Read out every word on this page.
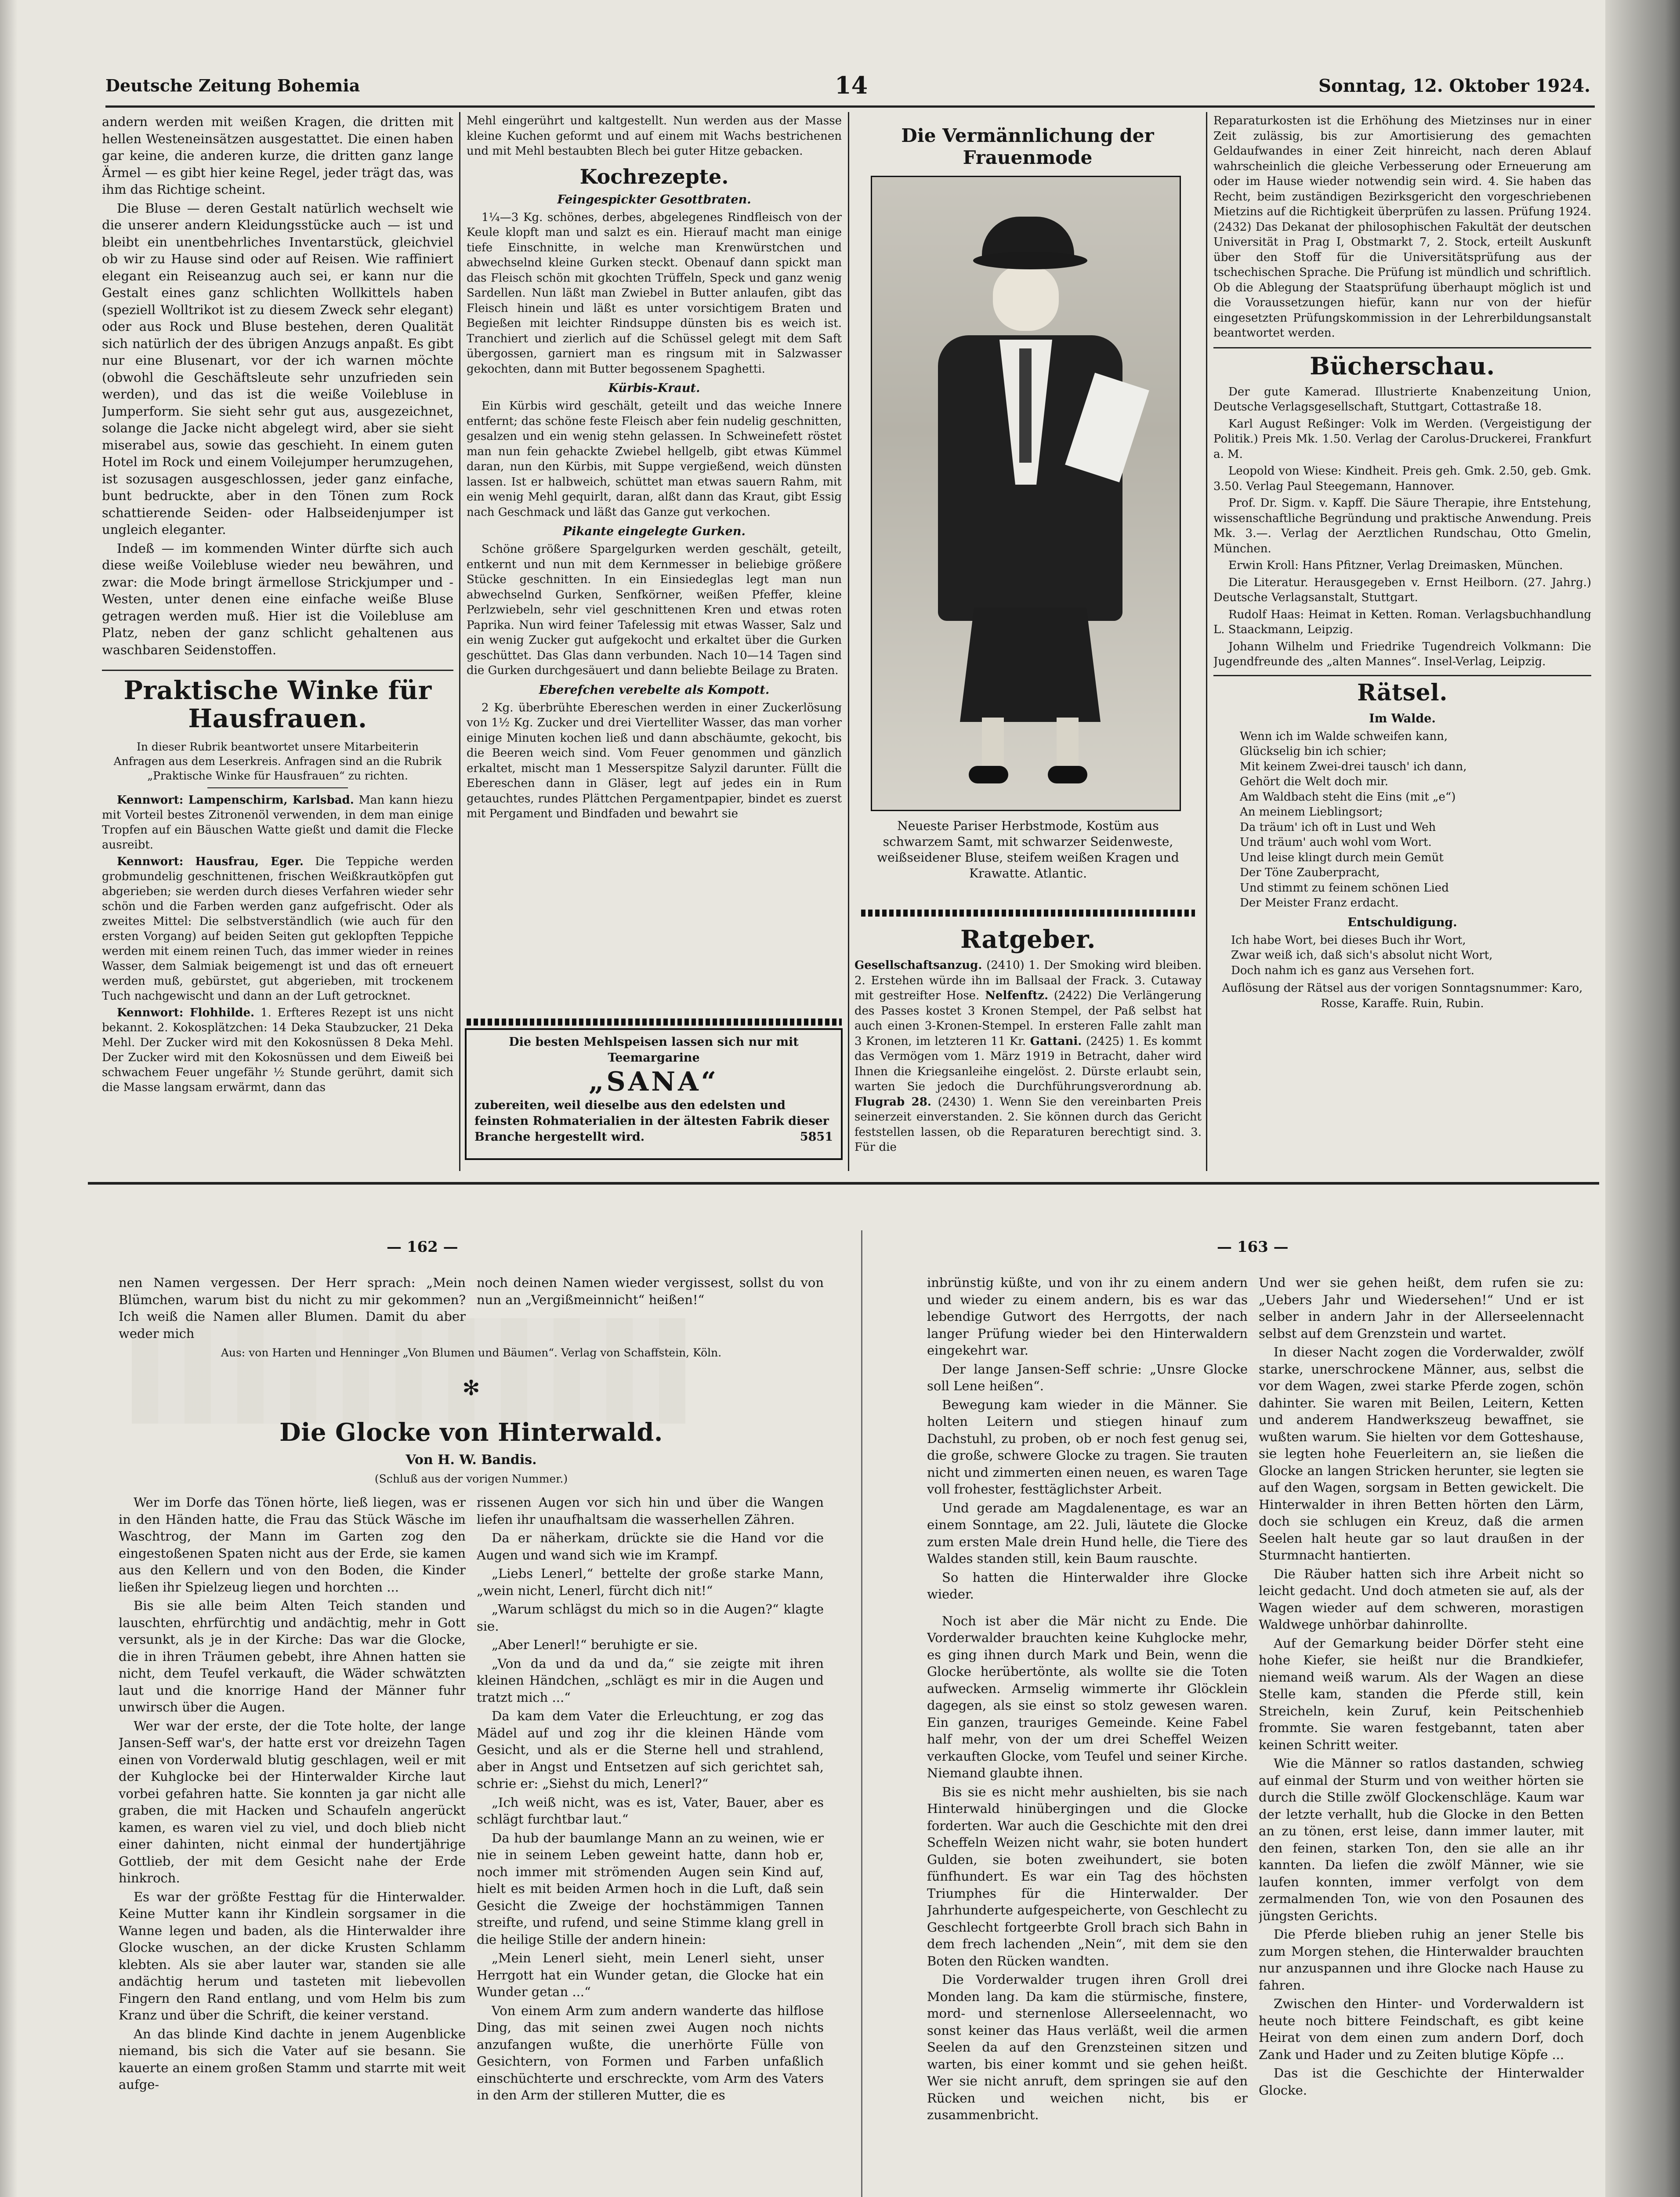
Deutsche Zeitung Bohemia	14	Sonntag, 12. Oktober 1924.

andern werden mit weißen Kragen, die dritten mit hellen Westeneinsätzen ausgestattet. Die einen haben gar keine, die anderen kurze, die dritten ganz lange Ärmel — es gibt hier keine Regel, jeder trägt das, was ihm das Richtige scheint.

Die Bluse — deren Gestalt natürlich wechselt wie die unserer andern Kleidungsstücke auch — ist und bleibt ein unentbehrliches Inventarstück, gleichviel ob wir zu Hause sind oder auf Reisen. Wie raffiniert elegant ein Reiseanzug auch sei, er kann nur die Gestalt eines ganz schlichten Wollkittels haben (speziell Wolltrikot ist zu diesem Zweck sehr elegant) oder aus Rock und Bluse bestehen, deren Qualität sich natürlich der des übrigen Anzugs anpaßt. Es gibt nur eine Blusenart, vor der ich warnen möchte (obwohl die Geschäftsleute sehr unzufrieden sein werden), und das ist die weiße Voilebluse in Jumperform. Sie sieht sehr gut aus, ausgezeichnet, solange die Jacke nicht abgelegt wird, aber sie sieht miserabel aus, sowie das geschieht. In einem guten Hotel im Rock und einem Voilejumper herumzugehen, ist sozusagen ausgeschlossen, jeder ganz einfache, bunt bedruckte, aber in den Tönen zum Rock schattierende Seiden- oder Halbseidenjumper ist ungleich eleganter.

Indeß — im kommenden Winter dürfte sich auch diese weiße Voilebluse wieder neu bewähren, und zwar: die Mode bringt ärmellose Strickjumper und -Westen, unter denen eine einfache weiße Bluse getragen werden muß. Hier ist die Voilebluse am Platz, neben der ganz schlicht gehaltenen aus waschbaren Seidenstoffen.

Praktische Winke für Hausfrauen.

In dieser Rubrik beantwortet unsere Mitarbeiterin Anfragen aus dem Leserkreis. Anfragen sind an die Rubrik „Praktische Winke für Hausfrauen“ zu richten.

Kennwort: Lampenschirm, Karlsbad. Man kann hiezu mit Vorteil bestes Zitronenöl verwenden, in dem man einige Tropfen auf ein Bäuschen Watte gießt und damit die Flecke ausreibt.

Kennwort: Hausfrau, Eger. Die Teppiche werden grobmundelig geschnittenen, frischen Weißkrautköpfen gut abgerieben; sie werden durch dieses Verfahren wieder sehr schön und die Farben werden ganz aufgefrischt. Oder als zweites Mittel: Die selbstverständlich (wie auch für den ersten Vorgang) auf beiden Seiten gut geklopften Teppiche werden mit einem reinen Tuch, das immer wieder in reines Wasser, dem Salmiak beigemengt ist und das oft erneuert werden muß, gebürstet, gut abgerieben, mit trockenem Tuch nachgewischt und dann an der Luft getrocknet.

Kennwort: Flohhilde. 1. Erfteres Rezept ist uns nicht bekannt. 2. Kokosplätzchen: 14 Deka Staubzucker, 21 Deka Mehl. Der Zucker wird mit den Kokosnüssen 8 Deka Mehl. Der Zucker wird mit den Kokosnüssen und dem Eiweiß bei schwachem Feuer ungefähr ½ Stunde gerührt, damit sich die Masse langsam erwärmt, dann das

Mehl eingerührt und kaltgestellt. Nun werden aus der Masse kleine Kuchen geformt und auf einem mit Wachs bestrichenen und mit Mehl bestaubten Blech bei guter Hitze gebacken.

Kochrezepte.
Feingespickter Gesottbraten.

1¼—3 Kg. schönes, derbes, abgelegenes Rindfleisch von der Keule klopft man und salzt es ein. Hierauf macht man einige tiefe Einschnitte, in welche man Krenwürstchen und abwechselnd kleine Gurken steckt. Obenauf dann spickt man das Fleisch schön mit gkochten Trüffeln, Speck und ganz wenig Sardellen. Nun läßt man Zwiebel in Butter anlaufen, gibt das Fleisch hinein und läßt es unter vorsichtigem Braten und Begießen mit leichter Rindsuppe dünsten bis es weich ist. Tranchiert und zierlich auf die Schüssel gelegt mit dem Saft übergossen, garniert man es ringsum mit in Salzwasser gekochten, dann mit Butter begossenem Spaghetti.

Kürbis-Kraut.

Ein Kürbis wird geschält, geteilt und das weiche Innere entfernt; das schöne feste Fleisch aber fein nudelig geschnitten, gesalzen und ein wenig stehn gelassen. In Schweinefett röstet man nun fein gehackte Zwiebel hellgelb, gibt etwas Kümmel daran, nun den Kürbis, mit Suppe vergießend, weich dünsten lassen. Ist er halbweich, schüttet man etwas sauern Rahm, mit ein wenig Mehl gequirlt, daran, alßt dann das Kraut, gibt Essig nach Geschmack und läßt das Ganze gut verkochen.

Pikante eingelegte Gurken.

Schöne größere Spargelgurken werden geschält, geteilt, entkernt und nun mit dem Kernmesser in beliebige größere Stücke geschnitten. In ein Einsiedeglas legt man nun abwechselnd Gurken, Senfkörner, weißen Pfeffer, kleine Perlzwiebeln, sehr viel geschnittenen Kren und etwas roten Paprika. Nun wird feiner Tafelessig mit etwas Wasser, Salz und ein wenig Zucker gut aufgekocht und erkaltet über die Gurken geschüttet. Das Glas dann verbunden. Nach 10—14 Tagen sind die Gurken durchgesäuert und dann beliebte Beilage zu Braten.

Eberefchen verebelte als Kompott.

2 Kg. überbrühte Ebereschen werden in einer Zuckerlösung von 1½ Kg. Zucker und drei Viertelliter Wasser, das man vorher einige Minuten kochen ließ und dann abschäumte, gekocht, bis die Beeren weich sind. Vom Feuer genommen und gänzlich erkaltet, mischt man 1 Messerspitze Salyzil darunter. Füllt die Ebereschen dann in Gläser, legt auf jedes ein in Rum getauchtes, rundes Plättchen Pergamentpapier, bindet es zuerst mit Pergament und Bindfaden und bewahrt sie

Die besten Mehlspeisen lassen sich nur mit Teemargarine
„SANA“
zubereiten, weil dieselbe aus den edelsten und feinsten Rohmaterialien in der ältesten Fabrik dieser Branche hergestellt wird.	5851
Die Vermännlichung der Frauenmode
Neueste Pariser Herbstmode, Kostüm aus schwarzem Samt, mit schwarzer Seidenweste, weißseidener Bluse, steifem weißen Kragen und Krawatte. Atlantic.
Ratgeber.

Gesellschaftsanzug. (2410) 1. Der Smoking wird bleiben. 2. Erstehen würde ihn im Ballsaal der Frack. 3. Cutaway mit gestreifter Hose. Nelfenftz. (2422) Die Verlängerung des Passes kostet 3 Kronen Stempel, der Paß selbst hat auch einen 3-Kronen-Stempel. In ersteren Falle zahlt man 3 Kronen, im letzteren 11 Kr. Gattani. (2425) 1. Es kommt das Vermögen vom 1. März 1919 in Betracht, daher wird Ihnen die Kriegsanleihe eingelöst. 2. Dürste erlaubt sein, warten Sie jedoch die Durchführungsverordnung ab. Flugrab 28. (2430) 1. Wenn Sie den vereinbarten Preis seinerzeit einverstanden. 2. Sie können durch das Gericht feststellen lassen, ob die Reparaturen berechtigt sind. 3. Für die

Reparaturkosten ist die Erhöhung des Mietzinses nur in einer Zeit zulässig, bis zur Amortisierung des gemachten Geldaufwandes in einer Zeit hinreicht, nach deren Ablauf wahrscheinlich die gleiche Verbesserung oder Erneuerung am oder im Hause wieder notwendig sein wird. 4. Sie haben das Recht, beim zuständigen Bezirksgericht den vorgeschriebenen Mietzins auf die Richtigkeit überprüfen zu lassen. Prüfung 1924. (2432) Das Dekanat der philosophischen Fakultät der deutschen Universität in Prag I, Obstmarkt 7, 2. Stock, erteilt Auskunft über den Stoff für die Universitätsprüfung aus der tschechischen Sprache. Die Prüfung ist mündlich und schriftlich. Ob die Ablegung der Staatsprüfung überhaupt möglich ist und die Voraussetzungen hiefür, kann nur von der hiefür eingesetzten Prüfungskommission in der Lehrerbildungsanstalt beantwortet werden.

Bücherschau.

Der gute Kamerad. Illustrierte Knabenzeitung Union, Deutsche Verlagsgesellschaft, Stuttgart, Cottastraße 18.

Karl August Reßinger: Volk im Werden. (Vergeistigung der Politik.) Preis Mk. 1.50. Verlag der Carolus-Druckerei, Frankfurt a. M.

Leopold von Wiese: Kindheit. Preis geh. Gmk. 2.50, geb. Gmk. 3.50. Verlag Paul Steegemann, Hannover.

Prof. Dr. Sigm. v. Kapff. Die Säure Therapie, ihre Entstehung, wissenschaftliche Begründung und praktische Anwendung. Preis Mk. 3.—. Verlag der Aerztlichen Rundschau, Otto Gmelin, München.

Erwin Kroll: Hans Pfitzner, Verlag Dreimasken, München.

Die Literatur. Herausgegeben v. Ernst Heilborn. (27. Jahrg.) Deutsche Verlagsanstalt, Stuttgart.

Rudolf Haas: Heimat in Ketten. Roman. Verlagsbuchhandlung L. Staackmann, Leipzig.

Johann Wilhelm und Friedrike Tugendreich Volkmann: Die Jugendfreunde des „alten Mannes“. Insel-Verlag, Leipzig.

Rätsel.
Im Walde.
Wenn ich im Walde schweifen kann,
Glückselig bin ich schier;
Mit keinem Zwei-drei tausch' ich dann,
Gehört die Welt doch mir.
Am Waldbach steht die Eins (mit „e“)
An meinem Lieblingsort;
Da träum' ich oft in Lust und Weh
Und träum' auch wohl vom Wort.
Und leise klingt durch mein Gemüt
Der Töne Zauberpracht,
Und stimmt zu feinem schönen Lied
Der Meister Franz erdacht.
Entschuldigung.
Ich habe Wort, bei dieses Buch ihr Wort,
Zwar weiß ich, daß sich's absolut nicht Wort,
Doch nahm ich es ganz aus Versehen fort.

Auflösung der Rätsel aus der vorigen Sonntagsnummer: Karo, Rosse, Karaffe. Ruin, Rubin.

— 162 —	— 163 —

nen Namen vergessen. Der Herr sprach: „Mein Blümchen, warum bist du nicht zu mir gekommen? Ich weiß die Namen aller Blumen. Damit du aber weder mich

noch deinen Namen wieder vergissest, sollst du von nun an „Vergißmeinnicht“ heißen!“

Aus: von Harten und Henninger „Von Blumen und Bäumen“. Verlag von Schaffstein, Köln.
✻
Die Glocke von Hinterwald.
Von H. W. Bandis.
(Schluß aus der vorigen Nummer.)

Wer im Dorfe das Tönen hörte, ließ liegen, was er in den Händen hatte, die Frau das Stück Wäsche im Waschtrog, der Mann im Garten zog den eingestoßenen Spaten nicht aus der Erde, sie kamen aus den Kellern und von den Boden, die Kinder ließen ihr Spielzeug liegen und horchten ...

Bis sie alle beim Alten Teich standen und lauschten, ehrfürchtig und andächtig, mehr in Gott versunkt, als je in der Kirche: Das war die Glocke, die in ihren Träumen gebebt, ihre Ahnen hatten sie nicht, dem Teufel verkauft, die Wäder schwätzten laut und die knorrige Hand der Männer fuhr unwirsch über die Augen.

Wer war der erste, der die Tote holte, der lange Jansen-Seff war's, der hatte erst vor dreizehn Tagen einen von Vorderwald blutig geschlagen, weil er mit der Kuhglocke bei der Hinterwalder Kirche laut vorbei gefahren hatte. Sie konnten ja gar nicht alle graben, die mit Hacken und Schaufeln angerückt kamen, es waren viel zu viel, und doch blieb nicht einer dahinten, nicht einmal der hundertjährige Gottlieb, der mit dem Gesicht nahe der Erde hinkroch.

Es war der größte Festtag für die Hinterwalder. Keine Mutter kann ihr Kindlein sorgsamer in die Wanne legen und baden, als die Hinterwalder ihre Glocke wuschen, an der dicke Krusten Schlamm klebten. Als sie aber lauter war, standen sie alle andächtig herum und tasteten mit liebevollen Fingern den Rand entlang, und vom Helm bis zum Kranz und über die Schrift, die keiner verstand.

An das blinde Kind dachte in jenem Augenblicke niemand, bis sich die Vater auf sie besann. Sie kauerte an einem großen Stamm und starrte mit weit aufge-

rissenen Augen vor sich hin und über die Wangen liefen ihr unaufhaltsam die wasserhellen Zähren.

Da er näherkam, drückte sie die Hand vor die Augen und wand sich wie im Krampf.

„Liebs Lenerl,“ bettelte der große starke Mann, „wein nicht, Lenerl, fürcht dich nit!“

„Warum schlägst du mich so in die Augen?“ klagte sie.

„Aber Lenerl!“ beruhigte er sie.

„Von da und da und da,“ sie zeigte mit ihren kleinen Händchen, „schlägt es mir in die Augen und tratzt mich ...“

Da kam dem Vater die Erleuchtung, er zog das Mädel auf und zog ihr die kleinen Hände vom Gesicht, und als er die Sterne hell und strahlend, aber in Angst und Entsetzen auf sich gerichtet sah, schrie er: „Siehst du mich, Lenerl?“

„Ich weiß nicht, was es ist, Vater, Bauer, aber es schlägt furchtbar laut.“

Da hub der baumlange Mann an zu weinen, wie er nie in seinem Leben geweint hatte, dann hob er, noch immer mit strömenden Augen sein Kind auf, hielt es mit beiden Armen hoch in die Luft, daß sein Gesicht die Zweige der hochstämmigen Tannen streifte, und rufend, und seine Stimme klang grell in die heilige Stille der andern hinein:

„Mein Lenerl sieht, mein Lenerl sieht, unser Herrgott hat ein Wunder getan, die Glocke hat ein Wunder getan ...“

Von einem Arm zum andern wanderte das hilflose Ding, das mit seinen zwei Augen noch nichts anzufangen wußte, die unerhörte Fülle von Gesichtern, von Formen und Farben unfaßlich einschüchterte und erschreckte, vom Arm des Vaters in den Arm der stilleren Mutter, die es

inbrünstig küßte, und von ihr zu einem andern und wieder zu einem andern, bis es war das lebendige Gutwort des Herrgotts, der nach langer Prüfung wieder bei den Hinterwaldern eingekehrt war.

Der lange Jansen-Seff schrie: „Unsre Glocke soll Lene heißen“.

Bewegung kam wieder in die Männer. Sie holten Leitern und stiegen hinauf zum Dachstuhl, zu proben, ob er noch fest genug sei, die große, schwere Glocke zu tragen. Sie trauten nicht und zimmerten einen neuen, es waren Tage voll frohester, festtäglichster Arbeit.

Und gerade am Magdalenentage, es war an einem Sonntage, am 22. Juli, läutete die Glocke zum ersten Male drein Hund helle, die Tiere des Waldes standen still, kein Baum rauschte.

So hatten die Hinterwalder ihre Glocke wieder.

Noch ist aber die Mär nicht zu Ende. Die Vorderwalder brauchten keine Kuhglocke mehr, es ging ihnen durch Mark und Bein, wenn die Glocke herübertönte, als wollte sie die Toten aufwecken. Armselig wimmerte ihr Glöcklein dagegen, als sie einst so stolz gewesen waren. Ein ganzen, trauriges Gemeinde. Keine Fabel half mehr, von der um drei Scheffel Weizen verkauften Glocke, vom Teufel und seiner Kirche. Niemand glaubte ihnen.

Bis sie es nicht mehr aushielten, bis sie nach Hinterwald hinübergingen und die Glocke forderten. War auch die Geschichte mit den drei Scheffeln Weizen nicht wahr, sie boten hundert Gulden, sie boten zweihundert, sie boten fünfhundert. Es war ein Tag des höchsten Triumphes für die Hinterwalder. Der Jahrhunderte aufgespeicherte, von Geschlecht zu Geschlecht fortgeerbte Groll brach sich Bahn in dem frech lachenden „Nein“, mit dem sie den Boten den Rücken wandten.

Die Vorderwalder trugen ihren Groll drei Monden lang. Da kam die stürmische, finstere, mord- und sternenlose Allerseelennacht, wo sonst keiner das Haus verläßt, weil die armen Seelen da auf den Grenzsteinen sitzen und warten, bis einer kommt und sie gehen heißt. Wer sie nicht anruft, dem springen sie auf den Rücken und weichen nicht, bis er zusammenbricht.

Und wer sie gehen heißt, dem rufen sie zu: „Uebers Jahr und Wiedersehen!“ Und er ist selber in andern Jahr in der Allerseelennacht selbst auf dem Grenzstein und wartet.

In dieser Nacht zogen die Vorderwalder, zwölf starke, unerschrockene Männer, aus, selbst die vor dem Wagen, zwei starke Pferde zogen, schön dahinter. Sie waren mit Beilen, Leitern, Ketten und anderem Handwerkszeug bewaffnet, sie wußten warum. Sie hielten vor dem Gotteshause, sie legten hohe Feuerleitern an, sie ließen die Glocke an langen Stricken herunter, sie legten sie auf den Wagen, sorgsam in Betten gewickelt. Die Hinterwalder in ihren Betten hörten den Lärm, doch sie schlugen ein Kreuz, daß die armen Seelen halt heute gar so laut draußen in der Sturmnacht hantierten.

Die Räuber hatten sich ihre Arbeit nicht so leicht gedacht. Und doch atmeten sie auf, als der Wagen wieder auf dem schweren, morastigen Waldwege unhörbar dahinrollte.

Auf der Gemarkung beider Dörfer steht eine hohe Kiefer, sie heißt nur die Brandkiefer, niemand weiß warum. Als der Wagen an diese Stelle kam, standen die Pferde still, kein Streicheln, kein Zuruf, kein Peitschenhieb frommte. Sie waren festgebannt, taten aber keinen Schritt weiter.

Wie die Männer so ratlos dastanden, schwieg auf einmal der Sturm und von weither hörten sie durch die Stille zwölf Glockenschläge. Kaum war der letzte verhallt, hub die Glocke in den Betten an zu tönen, erst leise, dann immer lauter, mit den feinen, starken Ton, den sie alle an ihr kannten. Da liefen die zwölf Männer, wie sie laufen konnten, immer verfolgt von dem zermalmenden Ton, wie von den Posaunen des jüngsten Gerichts.

Die Pferde blieben ruhig an jener Stelle bis zum Morgen stehen, die Hinterwalder brauchten nur anzuspannen und ihre Glocke nach Hause zu fahren.

Zwischen den Hinter- und Vorderwaldern ist heute noch bittere Feindschaft, es gibt keine Heirat von dem einen zum andern Dorf, doch Zank und Hader und zu Zeiten blutige Köpfe ...

Das ist die Geschichte der Hinterwalder Glocke.
